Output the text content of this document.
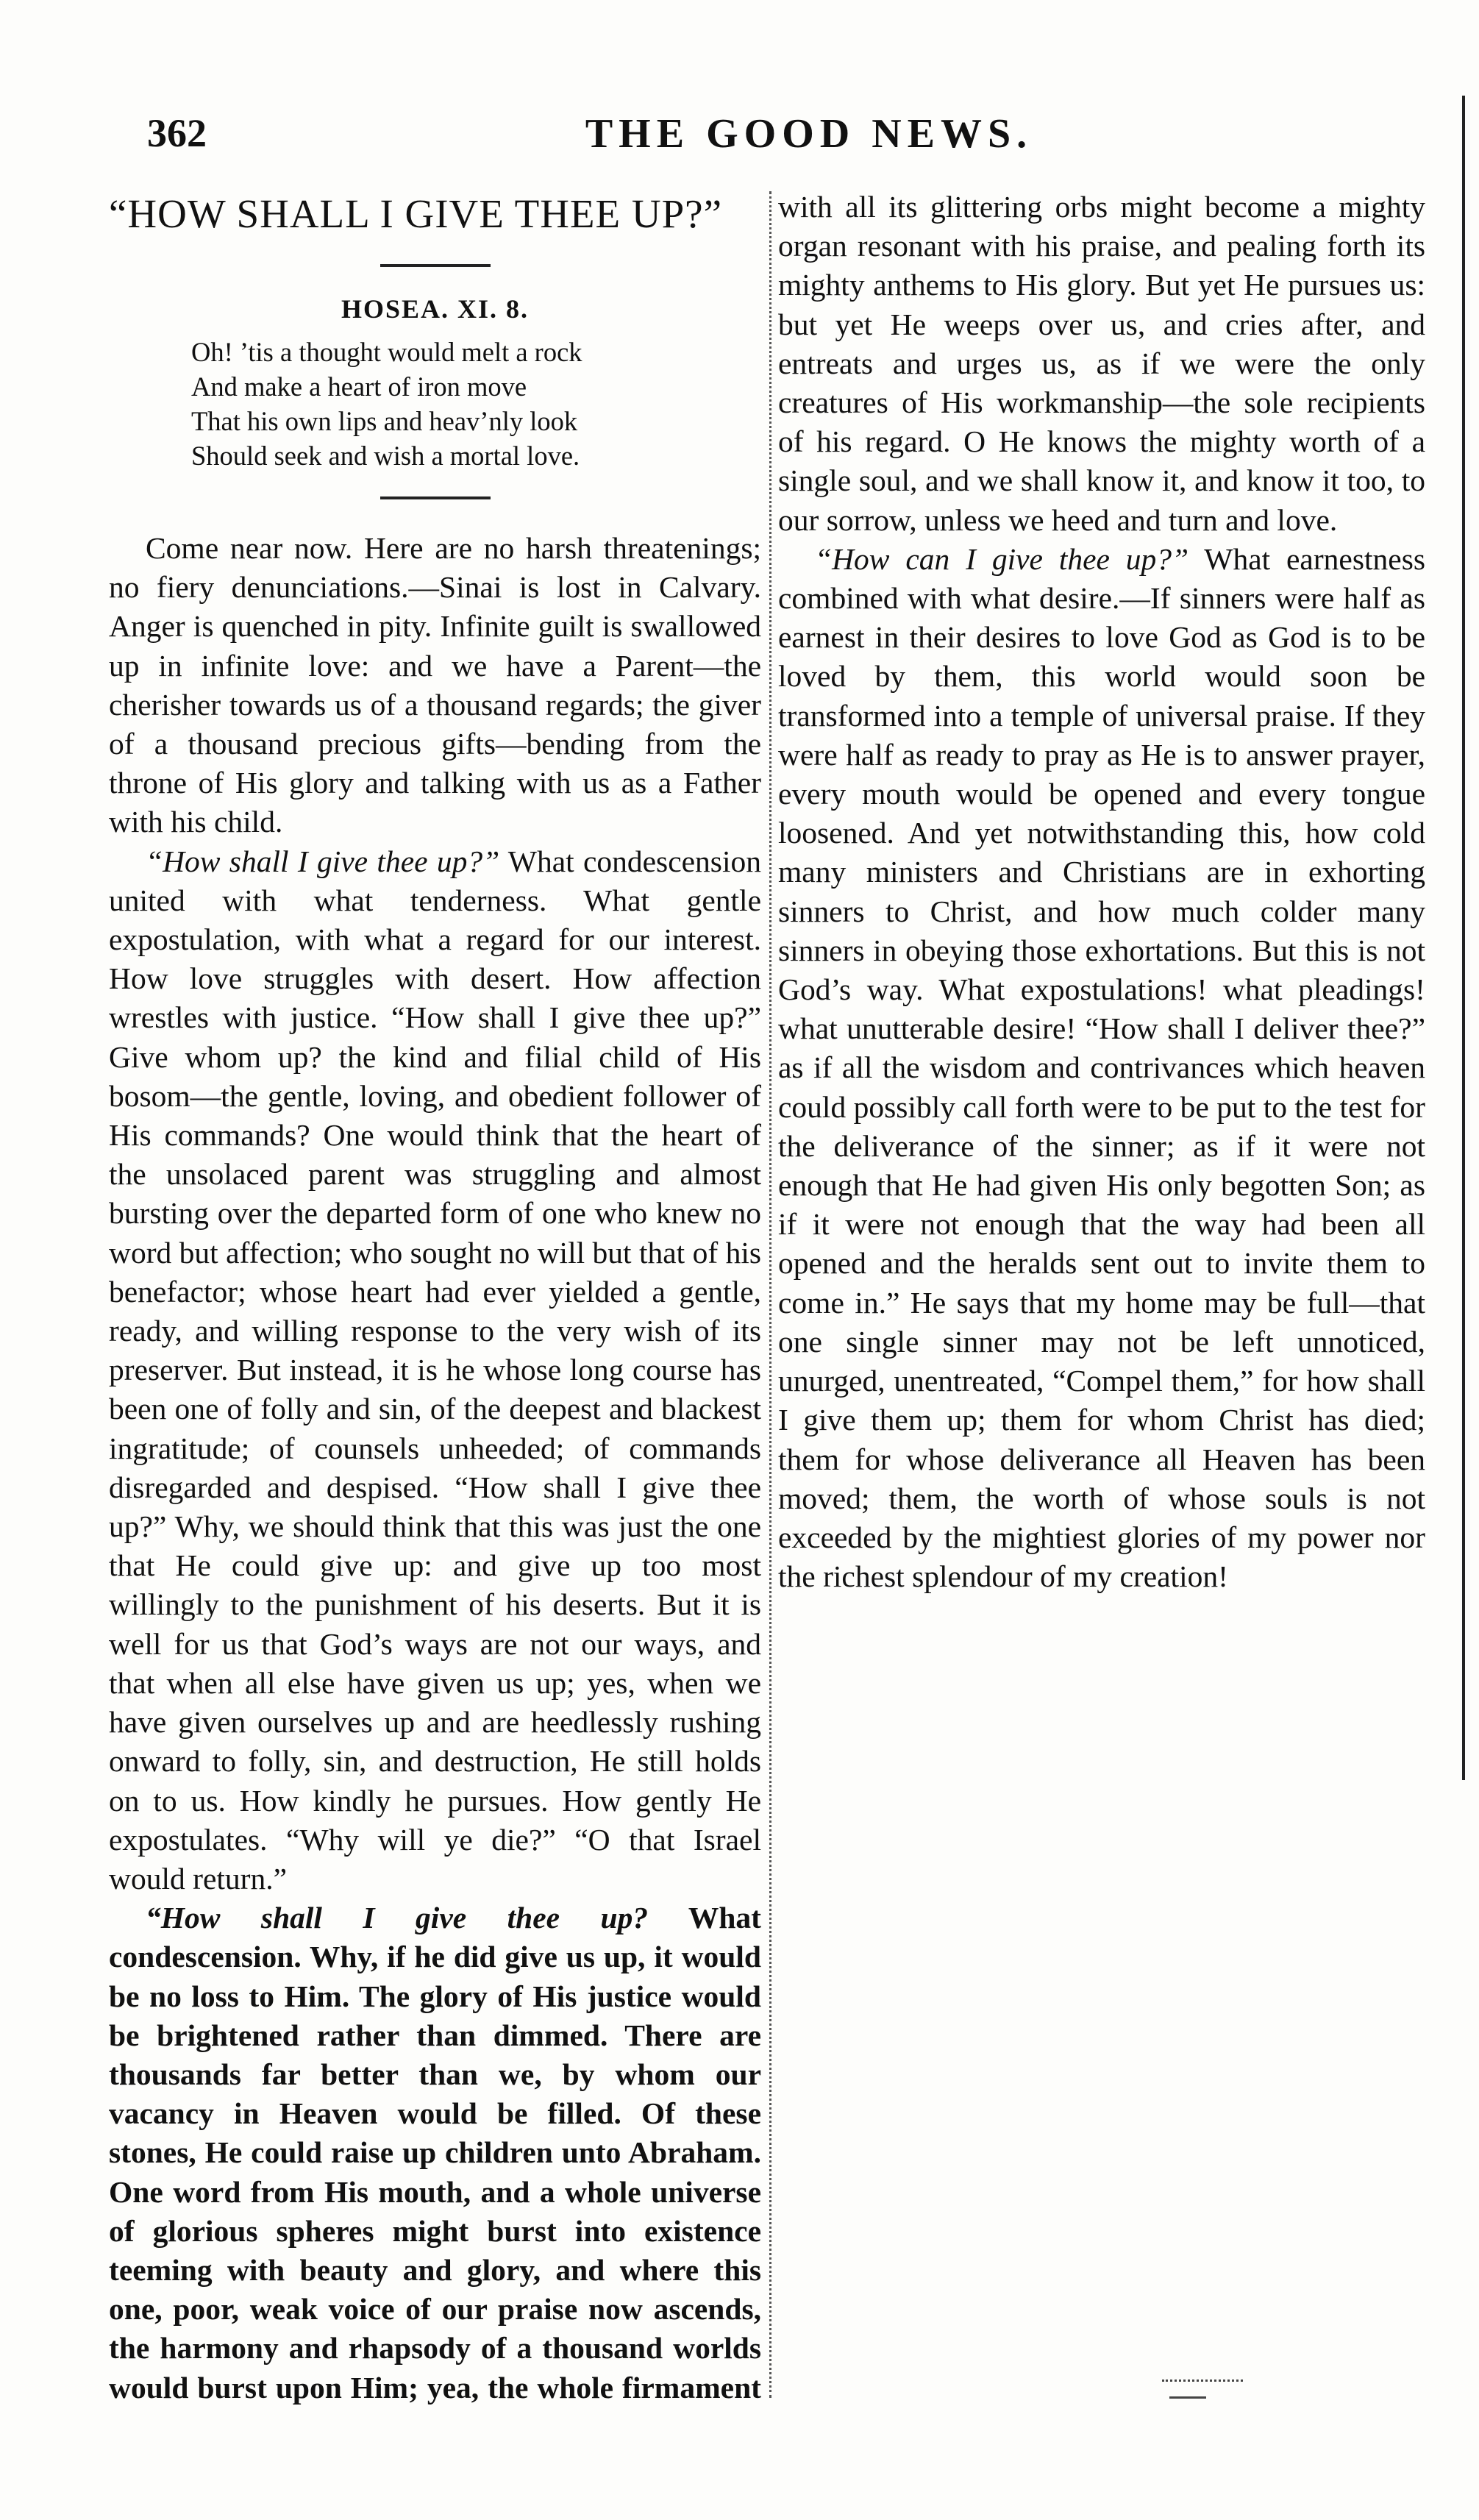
362	THE GOOD NEWS.
“HOW SHALL I GIVE THEE UP?”
HOSEA. XI. 8.
Oh! ’tis a thought would melt a rock
And make a heart of iron move
That his own lips and heav’nly look
Should seek and wish a mortal love.

Come near now. Here are no harsh threatenings; no fiery denunciations.—Sinai is lost in Calvary. Anger is quenched in pity. Infinite guilt is swallowed up in infinite love: and we have a Parent—the cherisher towards us of a thousand regards; the giver of a thousand precious gifts—bending from the throne of His glory and talking with us as a Father with his child.

“How shall I give thee up?” What condescension united with what tenderness. What gentle expostulation, with what a regard for our interest. How love struggles with desert. How affection wrestles with justice. “How shall I give thee up?” Give whom up? the kind and filial child of His bosom—the gentle, loving, and obedient follower of His commands? One would think that the heart of the unsolaced parent was struggling and almost bursting over the departed form of one who knew no word but affection; who sought no will but that of his benefactor; whose heart had ever yielded a gentle, ready, and willing response to the very wish of its preserver. But instead, it is he whose long course has been one of folly and sin, of the deepest and blackest ingratitude; of counsels unheeded; of commands disregarded and despised. “How shall I give thee up?” Why, we should think that this was just the one that He could give up: and give up too most willingly to the punishment of his deserts. But it is well for us that God’s ways are not our ways, and that when all else have given us up; yes, when we have given ourselves up and are heedlessly rushing onward to folly, sin, and destruction, He still holds on to us. How kindly he pursues. How gently He expostulates. “Why will ye die?” “O that Israel would return.”

“How shall I give thee up? What condescension. Why, if he did give us up, it would be no loss to Him. The glory of His justice would be brightened rather than dimmed. There are thousands far better than we, by whom our vacancy in Heaven would be filled. Of these stones, He could raise up children unto Abraham. One word from His mouth, and a whole universe of glorious spheres might burst into existence teeming with beauty and glory, and where this one, poor, weak voice of our praise now ascends, the harmony and rhapsody of a thousand worlds would burst upon Him; yea, the whole firmament

with all its glittering orbs might become a mighty organ resonant with his praise, and pealing forth its mighty anthems to His glory. But yet He pursues us: but yet He weeps over us, and cries after, and entreats and urges us, as if we were the only creatures of His workmanship—the sole recipients of his regard. O He knows the mighty worth of a single soul, and we shall know it, and know it too, to our sorrow, unless we heed and turn and love.

“How can I give thee up?” What earnestness combined with what desire.—If sinners were half as earnest in their desires to love God as God is to be loved by them, this world would soon be transformed into a temple of universal praise. If they were half as ready to pray as He is to answer prayer, every mouth would be opened and every tongue loosened. And yet notwithstanding this, how cold many ministers and Christians are in exhorting sinners to Christ, and how much colder many sinners in obeying those exhortations. But this is not God’s way. What expostulations! what pleadings! what unutterable desire! “How shall I deliver thee?” as if all the wisdom and contrivances which heaven could possibly call forth were to be put to the test for the deliverance of the sinner; as if it were not enough that He had given His only begotten Son; as if it were not enough that the way had been all opened and the heralds sent out to invite them to come in.” He says that my home may be full—that one single sinner may not be left unnoticed, unurged, unentreated, “Compel them,” for how shall I give them up; them for whom Christ has died; them for whose deliverance all Heaven has been moved; them, the worth of whose souls is not exceeded by the mightiest glories of my power nor the richest splendour of my creation!
